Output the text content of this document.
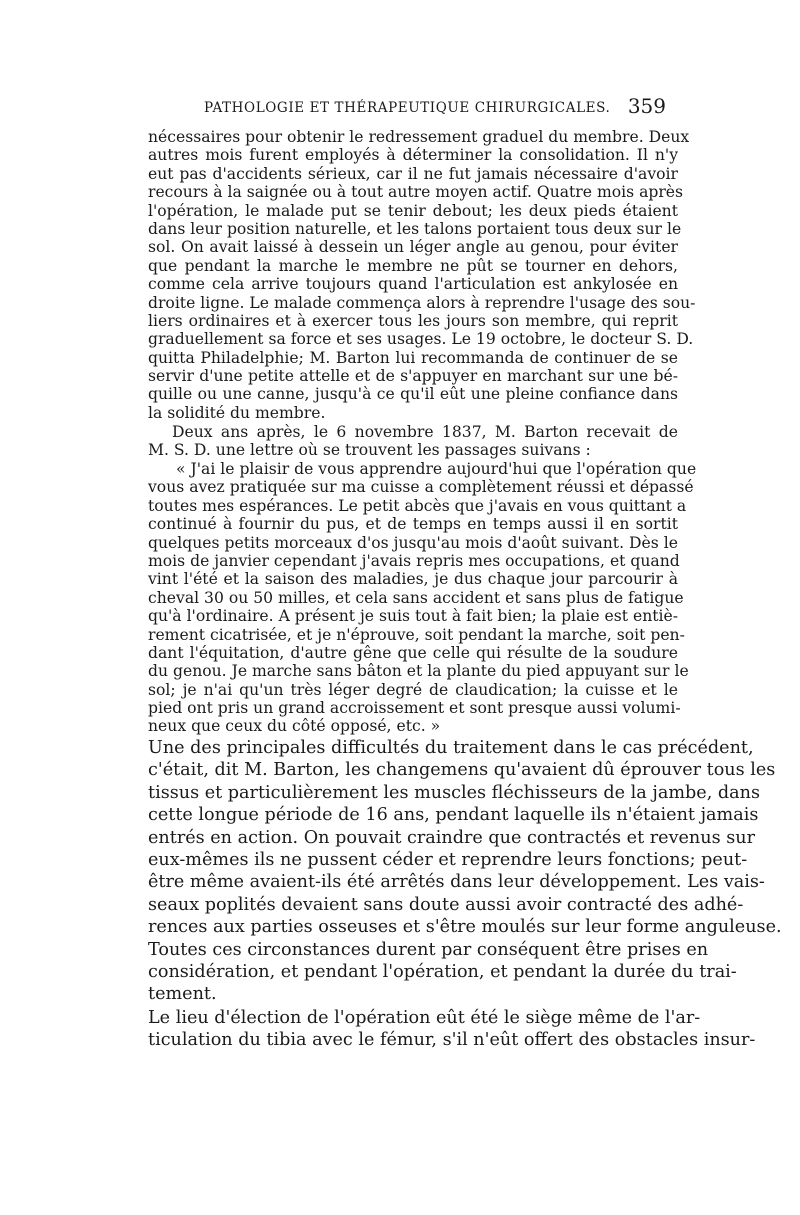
PATHOLOGIE ET THÉRAPEUTIQUE CHIRURGICALES. 359
nécessaires pour obtenir le redressement graduel du membre. Deux
autres mois furent employés à déterminer la consolidation. Il n'y
eut pas d'accidents sérieux, car il ne fut jamais nécessaire d'avoir
recours à la saignée ou à tout autre moyen actif. Quatre mois après
l'opération, le malade put se tenir debout; les deux pieds étaient
dans leur position naturelle, et les talons portaient tous deux sur le
sol. On avait laissé à dessein un léger angle au genou, pour éviter
que pendant la marche le membre ne pût se tourner en dehors,
comme cela arrive toujours quand l'articulation est ankylosée en
droite ligne. Le malade commença alors à reprendre l'usage des sou-
liers ordinaires et à exercer tous les jours son membre, qui reprit
graduellement sa force et ses usages. Le 19 octobre, le docteur S. D.
quitta Philadelphie; M. Barton lui recommanda de continuer de se
servir d'une petite attelle et de s'appuyer en marchant sur une bé-
quille ou une canne, jusqu'à ce qu'il eût une pleine confiance dans
la solidité du membre.
Deux ans après, le 6 novembre 1837, M. Barton recevait de
M. S. D. une lettre où se trouvent les passages suivans :
« J'ai le plaisir de vous apprendre aujourd'hui que l'opération que
vous avez pratiquée sur ma cuisse a complètement réussi et dépassé
toutes mes espérances. Le petit abcès que j'avais en vous quittant a
continué à fournir du pus, et de temps en temps aussi il en sortit
quelques petits morceaux d'os jusqu'au mois d'août suivant. Dès le
mois de janvier cependant j'avais repris mes occupations, et quand
vint l'été et la saison des maladies, je dus chaque jour parcourir à
cheval 30 ou 50 milles, et cela sans accident et sans plus de fatigue
qu'à l'ordinaire. A présent je suis tout à fait bien; la plaie est entiè-
rement cicatrisée, et je n'éprouve, soit pendant la marche, soit pen-
dant l'équitation, d'autre gêne que celle qui résulte de la soudure
du genou. Je marche sans bâton et la plante du pied appuyant sur le
sol; je n'ai qu'un très léger degré de claudication; la cuisse et le
pied ont pris un grand accroissement et sont presque aussi volumi-
neux que ceux du côté opposé, etc. »
Une des principales difficultés du traitement dans le cas précédent,
c'était, dit M. Barton, les changemens qu'avaient dû éprouver tous les
tissus et particulièrement les muscles fléchisseurs de la jambe, dans
cette longue période de 16 ans, pendant laquelle ils n'étaient jamais
entrés en action. On pouvait craindre que contractés et revenus sur
eux-mêmes ils ne pussent céder et reprendre leurs fonctions; peut-
être même avaient-ils été arrêtés dans leur développement. Les vais-
seaux poplités devaient sans doute aussi avoir contracté des adhé-
rences aux parties osseuses et s'être moulés sur leur forme anguleuse.
Toutes ces circonstances durent par conséquent être prises en
considération, et pendant l'opération, et pendant la durée du trai-
tement.
Le lieu d'élection de l'opération eût été le siège même de l'ar-
ticulation du tibia avec le fémur, s'il n'eût offert des obstacles insur-
